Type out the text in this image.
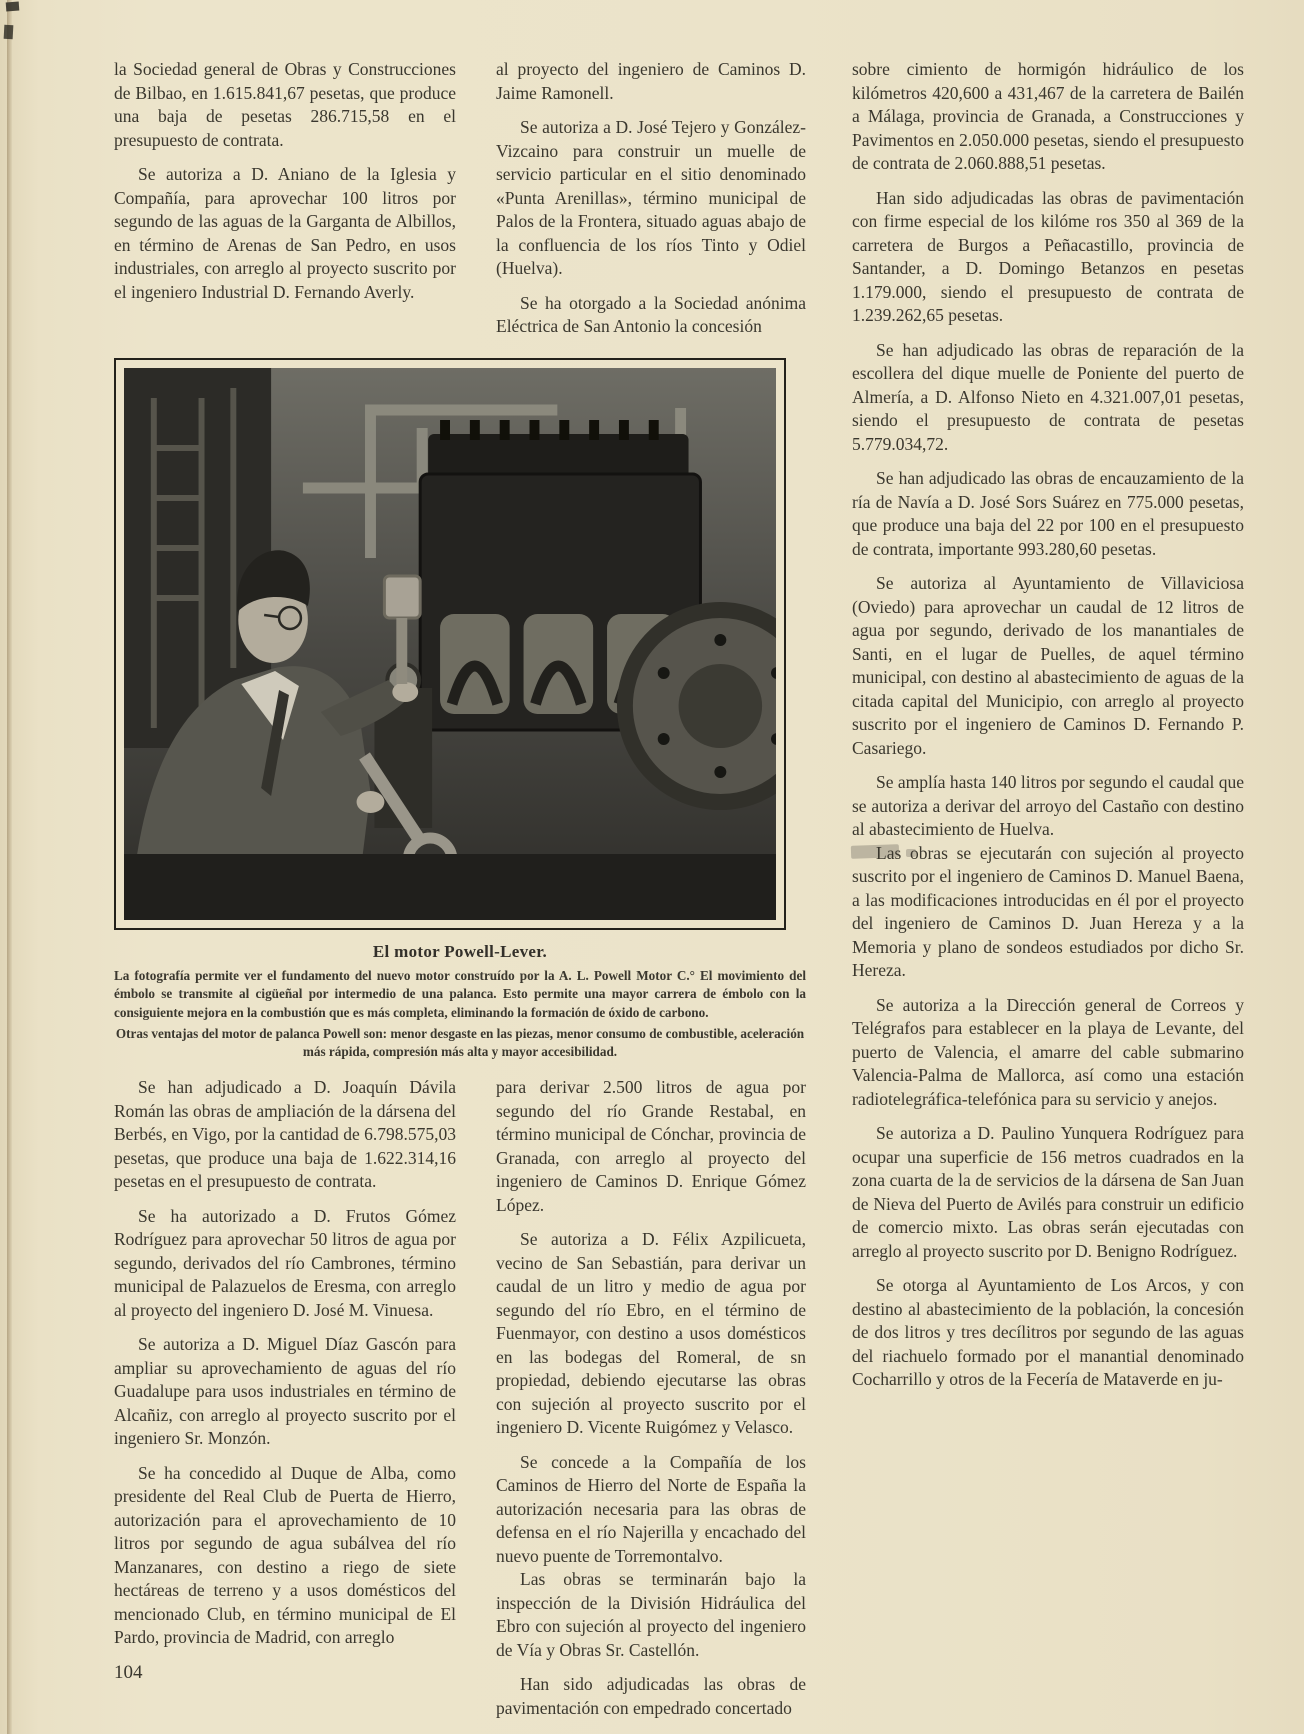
la Sociedad general de Obras y Construcciones de Bilbao, en 1.615.841,67 pesetas, que produce una baja de pesetas 286.715,58 en el presupuesto de contrata.

Se autoriza a D. Aniano de la Iglesia y Compañía, para aprovechar 100 litros por segundo de las aguas de la Garganta de Albillos, en término de Arenas de San Pedro, en usos industriales, con arreglo al proyecto suscrito por el ingeniero Industrial D. Fernando Averly.

al proyecto del ingeniero de Caminos D. Jaime Ramonell.

Se autoriza a D. José Tejero y González-Vizcaino para construir un muelle de servicio particular en el sitio denominado «Punta Arenillas», término municipal de Palos de la Frontera, situado aguas abajo de la confluencia de los ríos Tinto y Odiel (Huelva).

Se ha otorgado a la Sociedad anónima Eléctrica de San Antonio la concesión

El motor Powell-Lever.

La fotografía permite ver el fundamento del nuevo motor construído por la A. L. Powell Motor C.° El movimiento del émbolo se transmite al cigüeñal por intermedio de una palanca. Esto permite una mayor carrera de émbolo con la consiguiente mejora en la combustión que es más completa, eliminando la formación de óxido de carbono.

Otras ventajas del motor de palanca Powell son: menor desgaste en las piezas, menor consumo de combustible, aceleración más rápida, compresión más alta y mayor accesibilidad.

Se han adjudicado a D. Joaquín Dávila Román las obras de ampliación de la dársena del Berbés, en Vigo, por la cantidad de 6.798.575,03 pesetas, que produce una baja de 1.622.314,16 pesetas en el presupuesto de contrata.

Se ha autorizado a D. Frutos Gómez Rodríguez para aprovechar 50 litros de agua por segundo, derivados del río Cambrones, término municipal de Palazuelos de Eresma, con arreglo al proyecto del ingeniero D. José M. Vinuesa.

Se autoriza a D. Miguel Díaz Gascón para ampliar su aprovechamiento de aguas del río Guadalupe para usos industriales en término de Alcañiz, con arreglo al proyecto suscrito por el ingeniero Sr. Monzón.

Se ha concedido al Duque de Alba, como presidente del Real Club de Puerta de Hierro, autorización para el aprovechamiento de 10 litros por segundo de agua subálvea del río Manzanares, con destino a riego de siete hectáreas de terreno y a usos domésticos del mencionado Club, en término municipal de El Pardo, provincia de Madrid, con arreglo

para derivar 2.500 litros de agua por segundo del río Grande Restabal, en término municipal de Cónchar, provincia de Granada, con arreglo al proyecto del ingeniero de Caminos D. Enrique Gómez López.

Se autoriza a D. Félix Azpilicueta, vecino de San Sebastián, para derivar un caudal de un litro y medio de agua por segundo del río Ebro, en el término de Fuenmayor, con destino a usos domésticos en las bodegas del Romeral, de sn propiedad, debiendo ejecutarse las obras con sujeción al proyecto suscrito por el ingeniero D. Vicente Ruigómez y Velasco.

Se concede a la Compañía de los Caminos de Hierro del Norte de España la autorización necesaria para las obras de defensa en el río Najerilla y encachado del nuevo puente de Torremontalvo.

Las obras se terminarán bajo la inspección de la División Hidráulica del Ebro con sujeción al proyecto del ingeniero de Vía y Obras Sr. Castellón.

Han sido adjudicadas las obras de pavimentación con empedrado concertado

sobre cimiento de hormigón hidráulico de los kilómetros 420,600 a 431,467 de la carretera de Bailén a Málaga, provincia de Granada, a Construcciones y Pavimentos en 2.050.000 pesetas, siendo el presupuesto de contrata de 2.060.888,51 pesetas.

Han sido adjudicadas las obras de pavimentación con firme especial de los kilóme ros 350 al 369 de la carretera de Burgos a Peñacastillo, provincia de Santander, a D. Domingo Betanzos en pesetas 1.179.000, siendo el presupuesto de contrata de 1.239.262,65 pesetas.

Se han adjudicado las obras de reparación de la escollera del dique muelle de Poniente del puerto de Almería, a D. Alfonso Nieto en 4.321.007,01 pesetas, siendo el presupuesto de contrata de pesetas 5.779.034,72.

Se han adjudicado las obras de encauzamiento de la ría de Navía a D. José Sors Suárez en 775.000 pesetas, que produce una baja del 22 por 100 en el presupuesto de contrata, importante 993.280,60 pesetas.

Se autoriza al Ayuntamiento de Villaviciosa (Oviedo) para aprovechar un caudal de 12 litros de agua por segundo, derivado de los manantiales de Santi, en el lugar de Puelles, de aquel término municipal, con destino al abastecimiento de aguas de la citada capital del Municipio, con arreglo al proyecto suscrito por el ingeniero de Caminos D. Fernando P. Casariego.

Se amplía hasta 140 litros por segundo el caudal que se autoriza a derivar del arroyo del Castaño con destino al abastecimiento de Huelva.

Las obras se ejecutarán con sujeción al proyecto suscrito por el ingeniero de Caminos D. Manuel Baena, a las modificaciones introducidas en él por el proyecto del ingeniero de Caminos D. Juan Hereza y a la Memoria y plano de sondeos estudiados por dicho Sr. Hereza.

Se autoriza a la Dirección general de Correos y Telégrafos para establecer en la playa de Levante, del puerto de Valencia, el amarre del cable submarino Valencia-Palma de Mallorca, así como una estación radiotelegráfica-telefónica para su servicio y anejos.

Se autoriza a D. Paulino Yunquera Rodríguez para ocupar una superficie de 156 metros cuadrados en la zona cuarta de la de servicios de la dársena de San Juan de Nieva del Puerto de Avilés para construir un edificio de comercio mixto. Las obras serán ejecutadas con arreglo al proyecto suscrito por D. Benigno Rodríguez.

Se otorga al Ayuntamiento de Los Arcos, y con destino al abastecimiento de la población, la concesión de dos litros y tres decílitros por segundo de las aguas del riachuelo formado por el manantial denominado Cocharrillo y otros de la Fecería de Mataverde en ju-

104
